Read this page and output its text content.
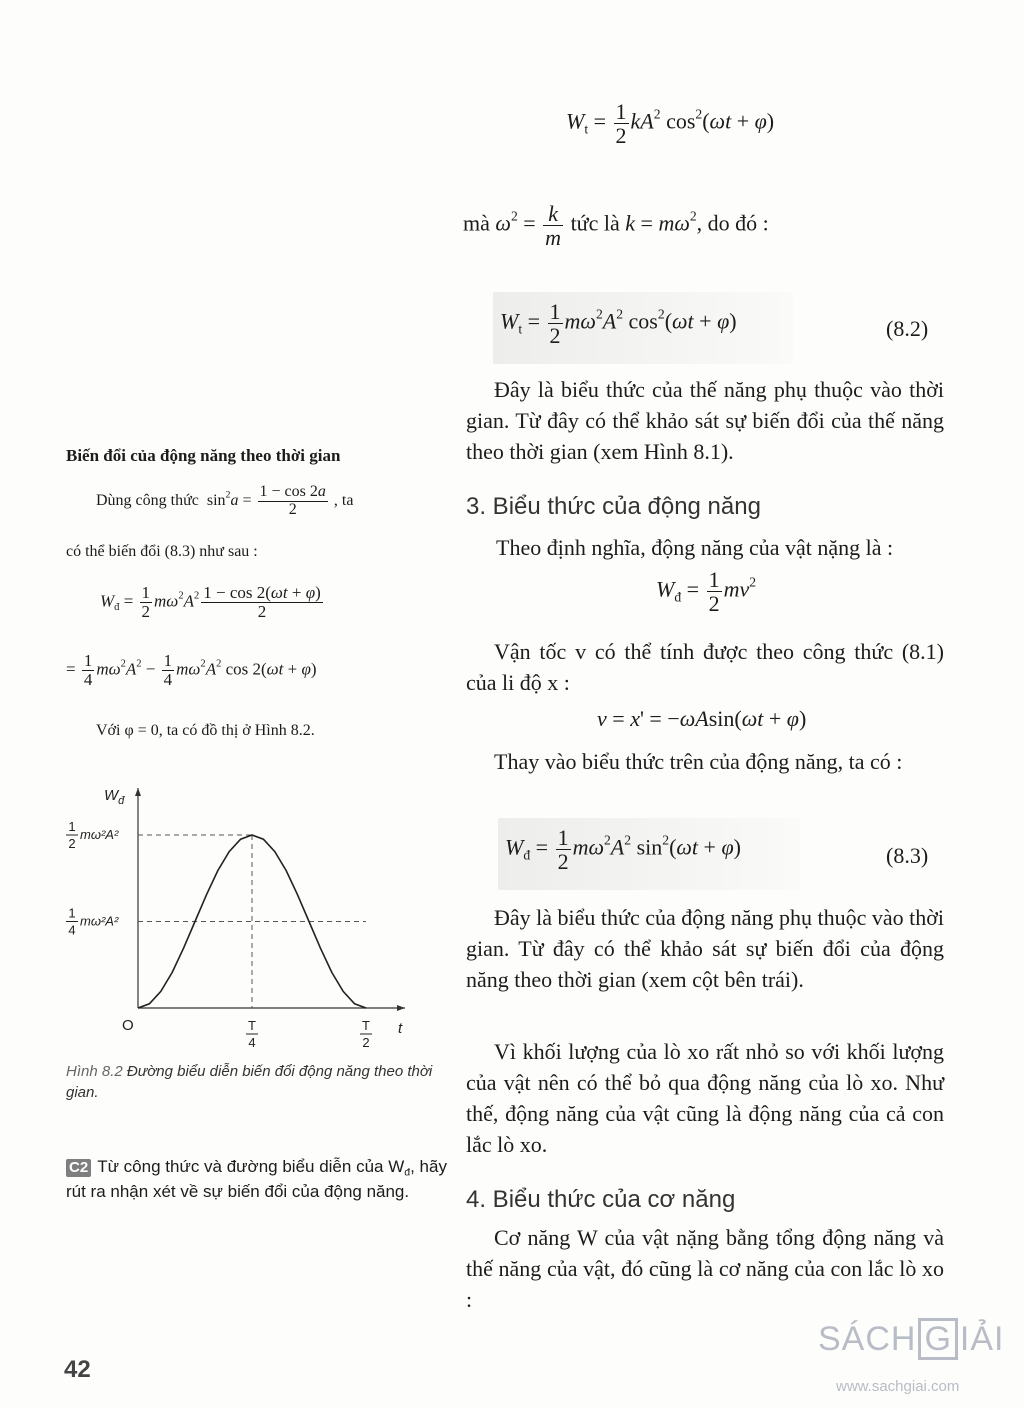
$W_t = \frac{1}{2} kA^2$ $\cos^2(\omega t + \varphi)$
mà $\omega^2 = \frac{k}{m}$ tức là $k = m\omega^2$, do đó :
$W_t = \frac{1}{2} m\omega^2A^2$ $\cos^2(\omega t + \varphi)$	(8.2)
Đây là biểu thức của thế năng phụ thuộc vào thời gian. Từ đây có thể khảo sát sự biến đổi của thế năng theo thời gian (xem Hình 8.1).
3. Biểu thức của động năng
Theo định nghĩa, động năng của vật nặng là :
$W_đ = \frac{1}{2} mv^2$
Vận tốc v có thể tính được theo công thức (8.1) của li độ x :
v = x' = −ωAsin(ωt + φ)
Thay vào biểu thức trên của động năng, ta có :
$W_đ = \frac{1}{2} m\omega^2A^2$ $\sin^2(\omega t + \varphi)$	(8.3)
Đây là biểu thức của động năng phụ thuộc vào thời gian. Từ đây có thể khảo sát sự biến đổi của động năng theo thời gian (xem cột bên trái).
Vì khối lượng của lò xo rất nhỏ so với khối lượng của vật nên có thể bỏ qua động năng của lò xo. Như thế, động năng của vật cũng là động năng của cả con lắc lò xo.
4. Biểu thức của cơ năng
Cơ năng W của vật nặng bằng tổng động năng và thế năng của vật, đó cũng là cơ năng của con lắc lò xo :
Biến đổi của động năng theo thời gian
Dùng công thức  $\sin^2a = \frac{1 - \cos 2a}{2}$ , ta
có thể biến đổi (8.3) như sau :
$W_đ = \frac{1}{2} m\omega^2A^2 \frac{1 - \cos 2(\omega t + \varphi)}{2}$
= $\frac{1}{4} m\omega^2A^2 - \frac{1}{4} m\omega^2A^2$ cos 2(ωt + φ)
Với φ = 0, ta có đồ thị ở Hình 8.2.
$W_đ$
t
O
1
2
mω²A²
1
4
mω²A²
T
4
T
2
Hình 8.2 Đường biểu diễn biến đổi động năng theo thời gian.
C2 Từ công thức và đường biểu diễn của $W_đ$, hãy rút ra nhận xét về sự biến đổi của động năng.
42
SÁCH G IẢI
www.sachgiai.com
